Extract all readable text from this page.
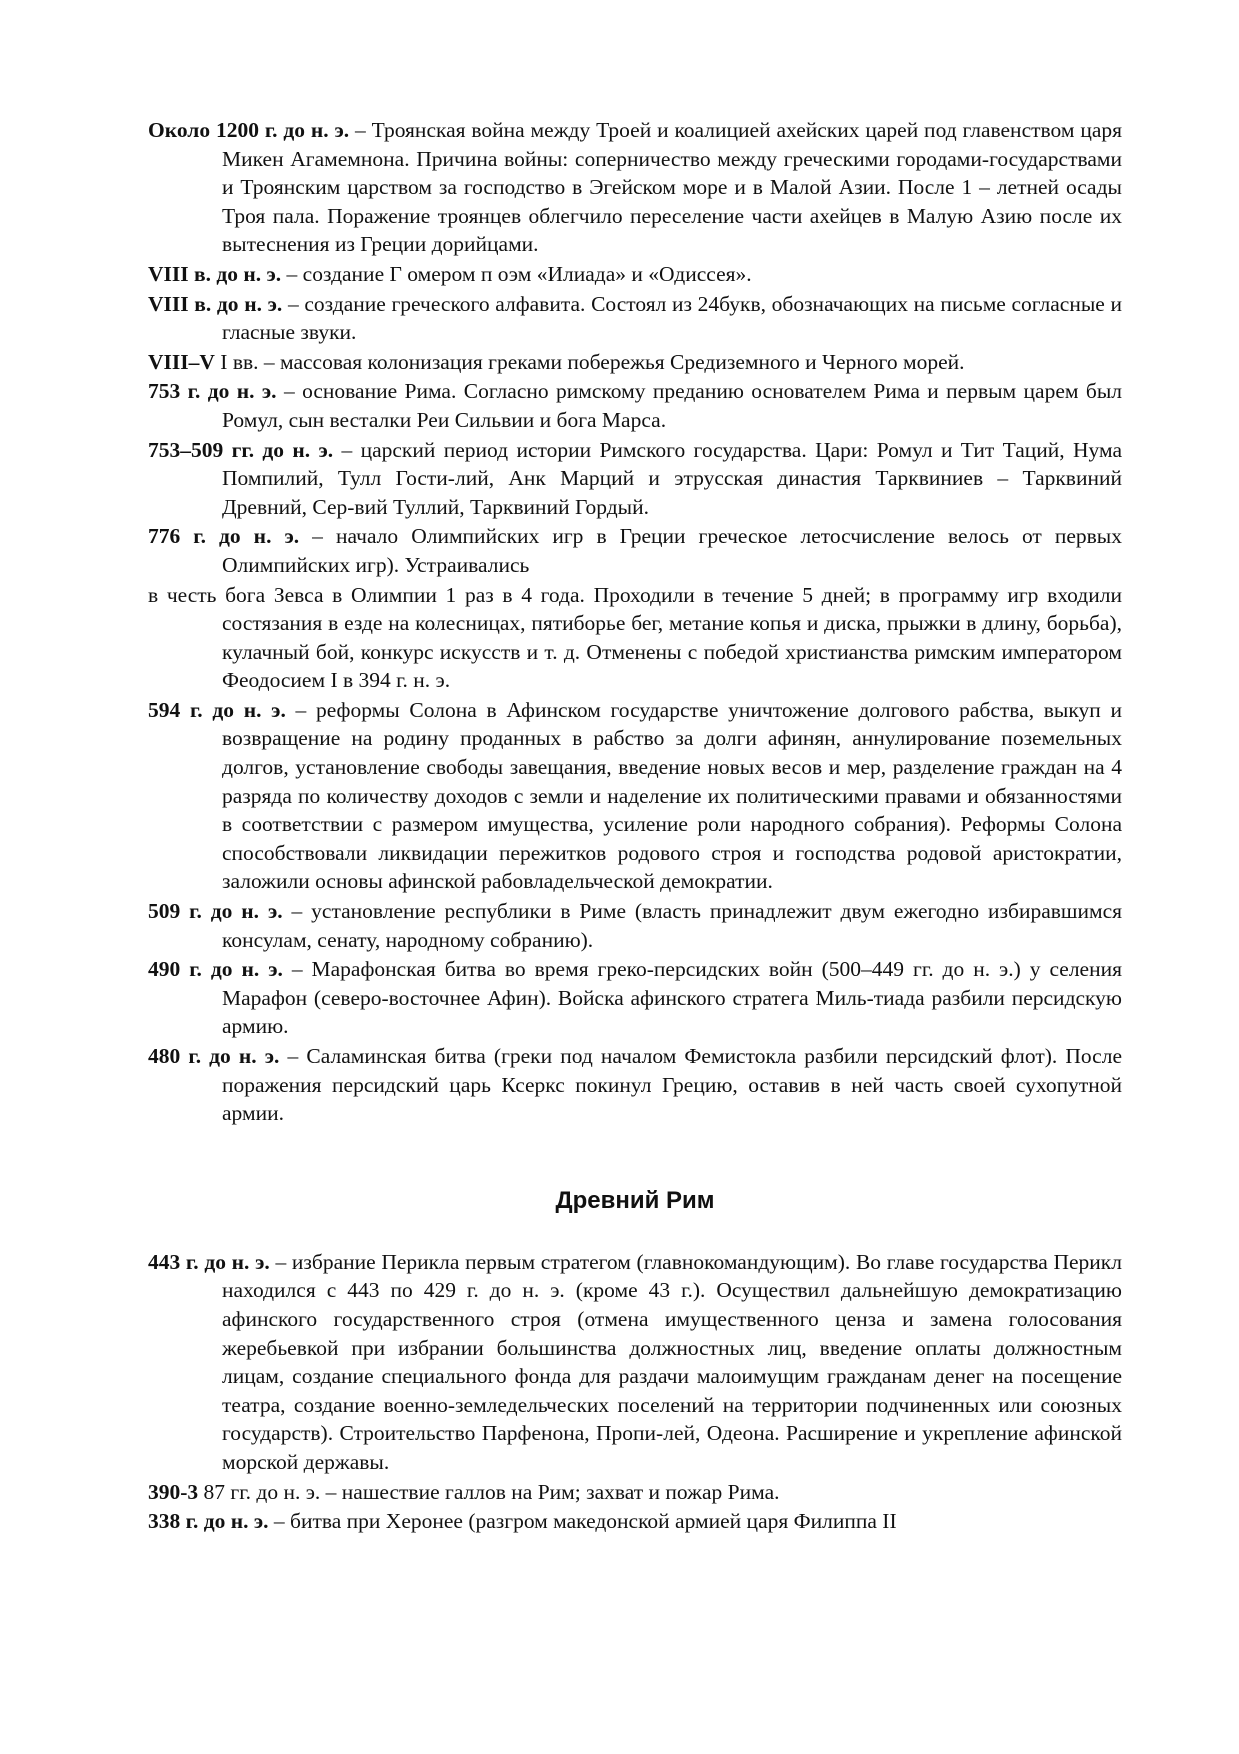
Около 1200 г. до н. э. – Троянская война между Троей и коалицией ахейских царей под главенством царя Микен Агамемнона. Причина войны: соперничество между греческими городами-государствами и Троянским царством за господство в Эгейском море и в Малой Азии. После 1 – летней осады Троя пала. Поражение троянцев облегчило переселение части ахейцев в Малую Азию после их вытеснения из Греции дорийцами.

VIII в. до н. э. – создание Г омером п оэм «Илиада» и «Одиссея».

VIII в. до н. э. – создание греческого алфавита. Состоял из 24букв, обозначающих на письме согласные и гласные звуки.

VIII–V I вв. – массовая колонизация греками побережья Средиземного и Черного морей.

753 г. до н. э. – основание Рима. Согласно римскому преданию основателем Рима и первым царем был Ромул, сын весталки Реи Сильвии и бога Марса.

753–509 гг. до н. э. – царский период истории Римского государства. Цари: Ромул и Тит Таций, Нума Помпилий, Тулл Гости-лий, Анк Марций и этрусская династия Тарквиниев – Тарквиний Древний, Сер-вий Туллий, Тарквиний Гордый.

776 г. до н. э. – начало Олимпийских игр в Греции греческое летосчисление велось от первых Олимпийских игр). Устраивались

в честь бога Зевса в Олимпии 1 раз в 4 года. Проходили в течение 5 дней; в программу игр входили состязания в езде на колесницах, пятиборье бег, метание копья и диска, прыжки в длину, борьба), кулачный бой, конкурс искусств и т. д. Отменены с победой христианства римским императором Феодосием I в 394 г. н. э.

594 г. до н. э. – реформы Солона в Афинском государстве уничтожение долгового рабства, выкуп и возвращение на родину проданных в рабство за долги афинян, аннулирование поземельных долгов, установление свободы завещания, введение новых весов и мер, разделение граждан на 4 разряда по количеству доходов с земли и наделение их политическими правами и обязанностями в соответствии с размером имущества, усиление роли народного собрания). Реформы Солона способствовали ликвидации пережитков родового строя и господства родовой аристократии, заложили основы афинской рабовладельческой демократии.

509 г. до н. э. – установление республики в Риме (власть принадлежит двум ежегодно избиравшимся консулам, сенату, народному собранию).

490 г. до н. э. – Марафонская битва во время греко-персидских войн (500–449 гг. до н. э.) у селения Марафон (северо-восточнее Афин). Войска афинского стратега Миль-тиада разбили персидскую армию.

480 г. до н. э. – Саламинская битва (греки под началом Фемистокла разбили персидский флот). После поражения персидский царь Ксеркс покинул Грецию, оставив в ней часть своей сухопутной армии.

Древний Рим

443 г. до н. э. – избрание Перикла первым стратегом (главнокомандующим). Во главе государства Перикл находился с 443 по 429 г. до н. э. (кроме 43 г.). Осуществил дальнейшую демократизацию афинского государственного строя (отмена имущественного ценза и замена голосования жеребьевкой при избрании большинства должностных лиц, введение оплаты должностным лицам, создание специального фонда для раздачи малоимущим гражданам денег на посещение театра, создание военно-земледельческих поселений на территории подчиненных или союзных государств). Строительство Парфенона, Пропи-лей, Одеона. Расширение и укрепление афинской морской державы.

390-3 87 гг. до н. э. – нашествие галлов на Рим; захват и пожар Рима.

338 г. до н. э. – битва при Херонее (разгром македонской армией царя Филиппа II
